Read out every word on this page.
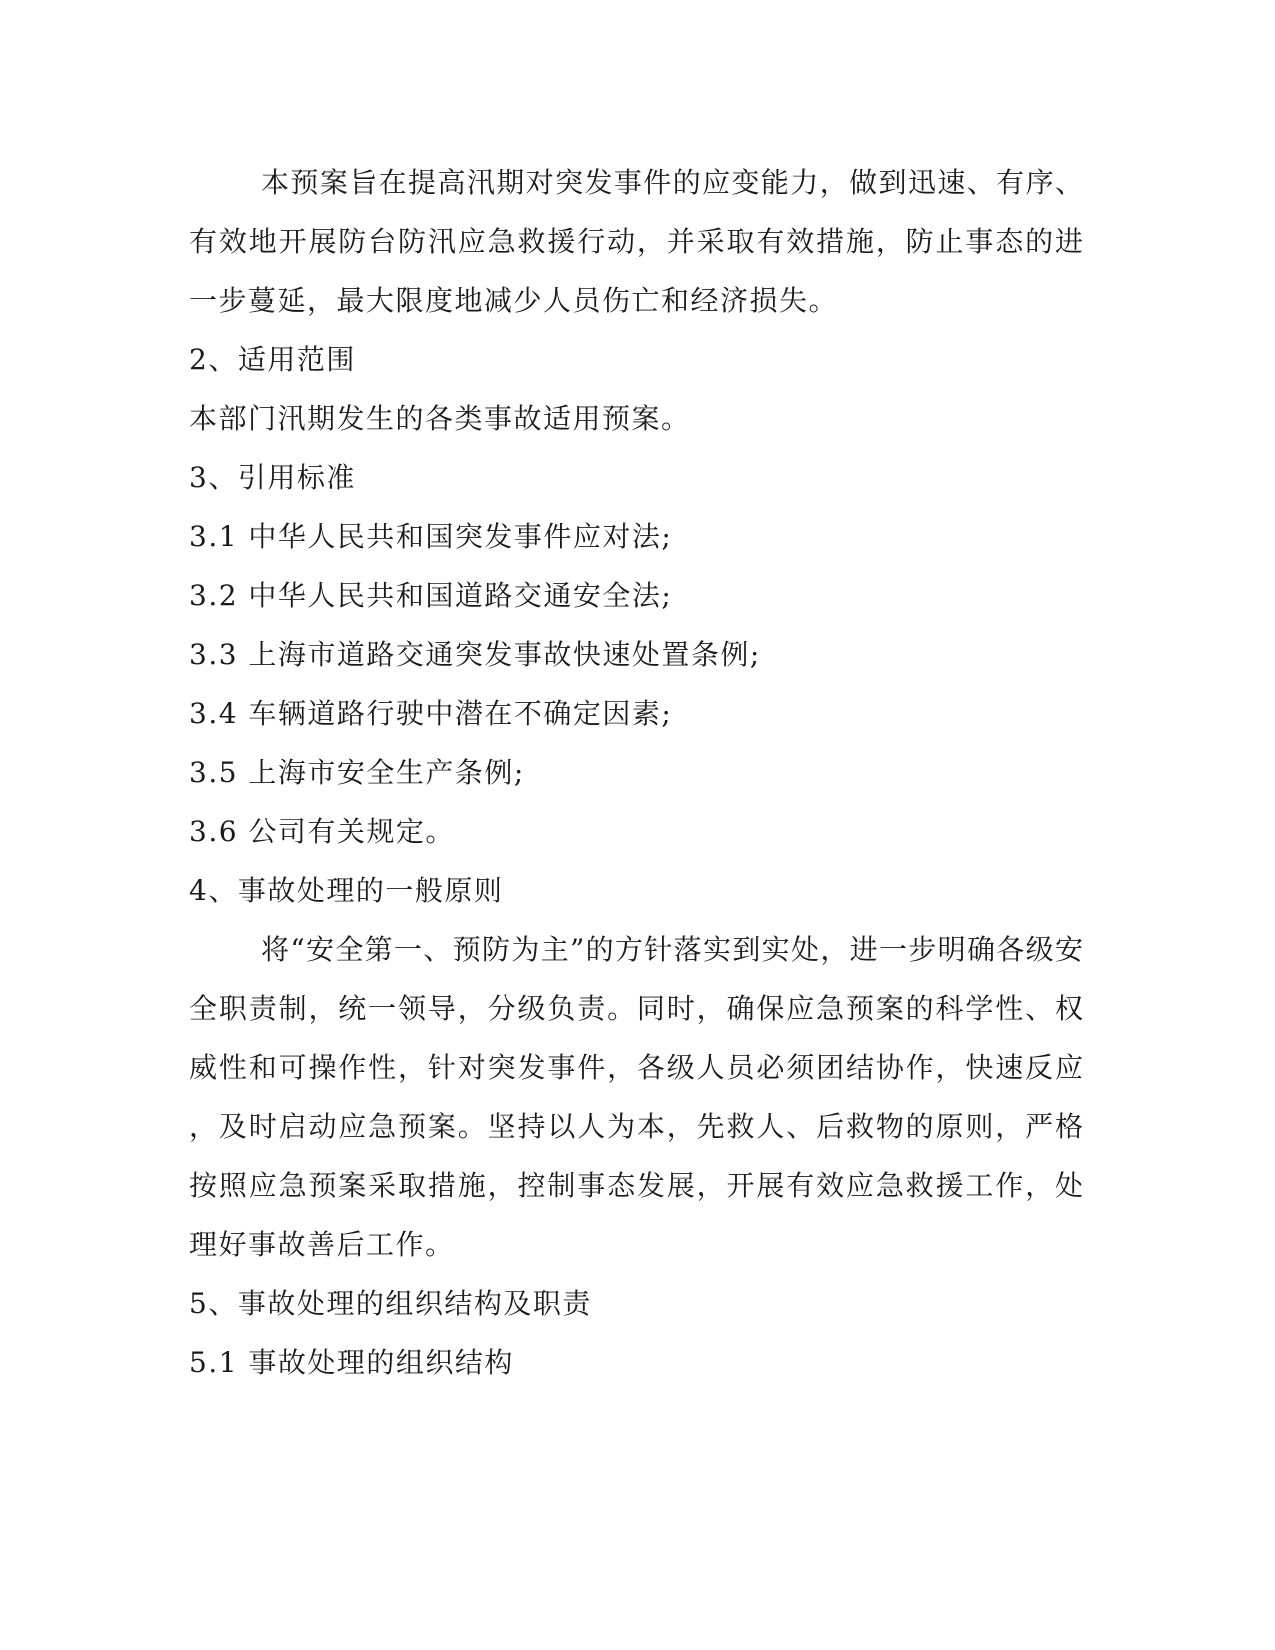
本预案旨在提高汛期对突发事件的应变能力，做到迅速、有序、
有效地开展防台防汛应急救援行动，并采取有效措施，防止事态的进
一步蔓延，最大限度地减少人员伤亡和经济损失。

2、适用范围

本部门汛期发生的各类事故适用预案。

3、引用标准

3.1 中华人民共和国突发事件应对法;

3.2 中华人民共和国道路交通安全法;

3.3 上海市道路交通突发事故快速处置条例;

3.4 车辆道路行驶中潜在不确定因素;

3.5 上海市安全生产条例;

3.6 公司有关规定。

4、事故处理的一般原则

将“安全第一、预防为主”的方针落实到实处，进一步明确各级安
全职责制，统一领导，分级负责。同时，确保应急预案的科学性、权
威性和可操作性，针对突发事件，各级人员必须团结协作，快速反应
，及时启动应急预案。坚持以人为本，先救人、后救物的原则，严格
按照应急预案采取措施，控制事态发展，开展有效应急救援工作，处
理好事故善后工作。

5、事故处理的组织结构及职责

5.1 事故处理的组织结构
